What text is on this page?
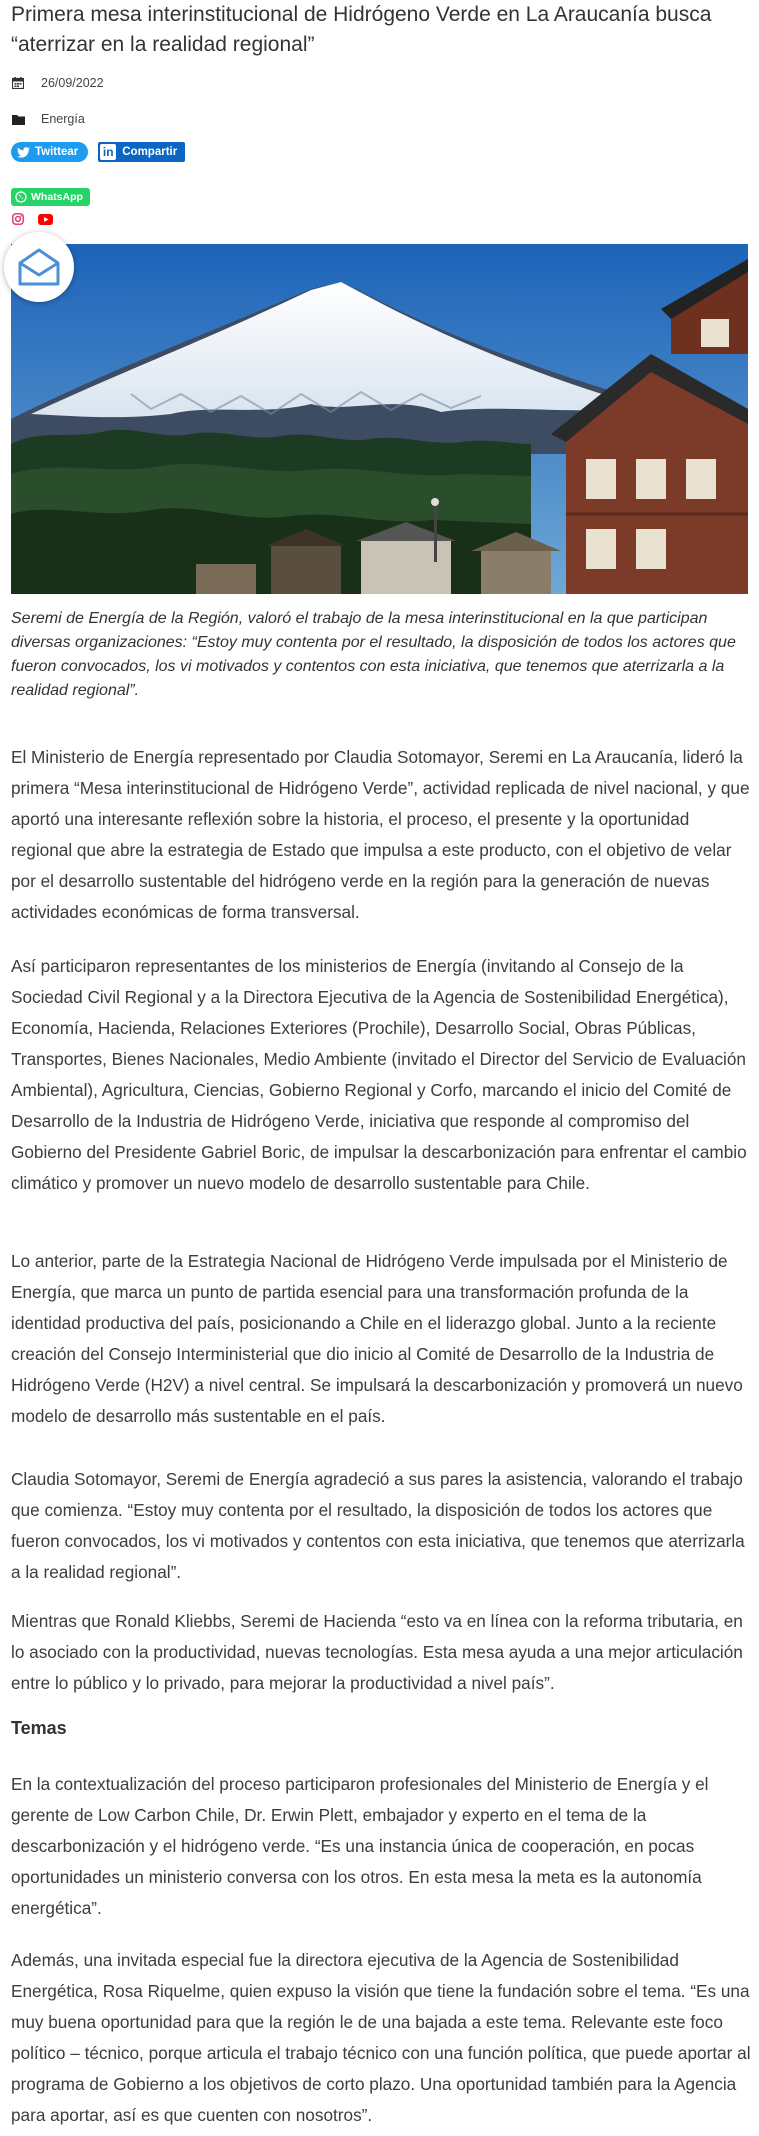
Primera mesa interinstitucional de Hidrógeno Verde en La Araucanía busca “aterrizar en la realidad regional”
26/09/2022
Energía
Twittear in Compartir
WhatsApp
Seremi de Energía de la Región, valoró el trabajo de la mesa interinstitucional en la que participan diversas organizaciones: “Estoy muy contenta por el resultado, la disposición de todos los actores que fueron convocados, los vi motivados y contentos con esta iniciativa, que tenemos que aterrizarla a la realidad regional”.

El Ministerio de Energía representado por Claudia Sotomayor, Seremi en La Araucanía, lideró la primera “Mesa interinstitucional de Hidrógeno Verde”, actividad replicada de nivel nacional, y que aportó una interesante reflexión sobre la historia, el proceso, el presente y la oportunidad regional que abre la estrategia de Estado que impulsa a este producto, con el objetivo de velar por el desarrollo sustentable del hidrógeno verde en la región para la generación de nuevas actividades económicas de forma transversal.

Así participaron representantes de los ministerios de Energía (invitando al Consejo de la Sociedad Civil Regional y a la Directora Ejecutiva de la Agencia de Sostenibilidad Energética), Economía, Hacienda, Relaciones Exteriores (Prochile), Desarrollo Social, Obras Públicas, Transportes, Bienes Nacionales, Medio Ambiente (invitado el Director del Servicio de Evaluación Ambiental), Agricultura, Ciencias, Gobierno Regional y Corfo, marcando el inicio del Comité de Desarrollo de la Industria de Hidrógeno Verde, iniciativa que responde al compromiso del Gobierno del Presidente Gabriel Boric, de impulsar la descarbonización para enfrentar el cambio climático y promover un nuevo modelo de desarrollo sustentable para Chile.

Lo anterior, parte de la Estrategia Nacional de Hidrógeno Verde impulsada por el Ministerio de Energía, que marca un punto de partida esencial para una transformación profunda de la identidad productiva del país, posicionando a Chile en el liderazgo global. Junto a la reciente creación del Consejo Interministerial que dio inicio al Comité de Desarrollo de la Industria de Hidrógeno Verde (H2V) a nivel central. Se impulsará la descarbonización y promoverá un nuevo modelo de desarrollo más sustentable en el país.

Claudia Sotomayor, Seremi de Energía agradeció a sus pares la asistencia, valorando el trabajo que comienza. “Estoy muy contenta por el resultado, la disposición de todos los actores que fueron convocados, los vi motivados y contentos con esta iniciativa, que tenemos que aterrizarla a la realidad regional”.

Mientras que Ronald Kliebbs, Seremi de Hacienda “esto va en línea con la reforma tributaria, en lo asociado con la productividad, nuevas tecnologías. Esta mesa ayuda a una mejor articulación entre lo público y lo privado, para mejorar la productividad a nivel país”.

Temas

En la contextualización del proceso participaron profesionales del Ministerio de Energía y el gerente de Low Carbon Chile, Dr. Erwin Plett, embajador y experto en el tema de la descarbonización y el hidrógeno verde. “Es una instancia única de cooperación, en pocas oportunidades un ministerio conversa con los otros. En esta mesa la meta es la autonomía energética”.

Además, una invitada especial fue la directora ejecutiva de la Agencia de Sostenibilidad Energética, Rosa Riquelme, quien expuso la visión que tiene la fundación sobre el tema. “Es una muy buena oportunidad para que la región le de una bajada a este tema. Relevante este foco político – técnico, porque articula el trabajo técnico con una función política, que puede aportar al programa de Gobierno a los objetivos de corto plazo. Una oportunidad también para la Agencia para aportar, así es que cuenten con nosotros”.
